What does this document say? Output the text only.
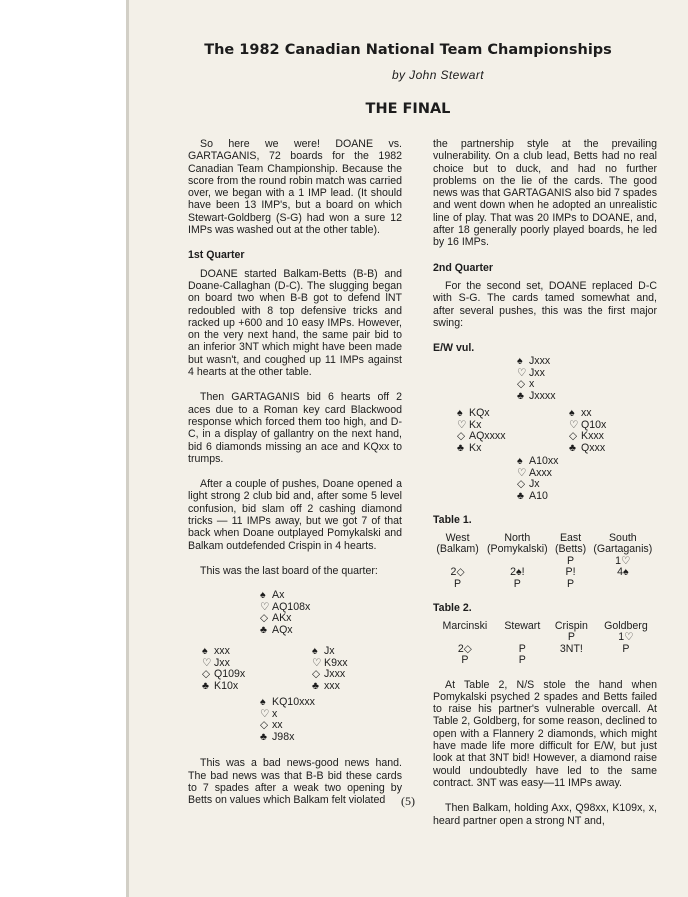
The 1982 Canadian National Team Championships
by John Stewart
THE FINAL

So here we were! DOANE vs. GARTAGANIS, 72 boards for the 1982 Canadian Team Championship. Because the score from the round robin match was carried over, we began with a 1 IMP lead. (It should have been 13 IMP's, but a board on which Stewart-Goldberg (S-G) had won a sure 12 IMPs was washed out at the other table).

1st Quarter

DOANE started Balkam-Betts (B-B) and Doane-Callaghan (D-C). The slugging began on board two when B-B got to defend lNT redoubled with 8 top defensive tricks and racked up +600 and 10 easy IMPs. However, on the very next hand, the same pair bid to an inferior 3NT which might have been made but wasn't, and coughed up 11 IMPs against 4 hearts at the other table.

Then GARTAGANIS bid 6 hearts off 2 aces due to a Roman key card Blackwood response which forced them too high, and D-C, in a display of gallantry on the next hand, bid 6 diamonds missing an ace and KQxx to trumps.

After a couple of pushes, Doane opened a light strong 2 club bid and, after some 5 level confusion, bid slam off 2 cashing diamond tricks — 11 IMPs away, but we got 7 of that back when Doane outplayed Pomykalski and Balkam outdefended Crispin in 4 hearts.

This was the last board of the quarter:

♠ Ax
♡ AQ108x
◇ AKx
♣ AQx
♠ xxx
♡ Jxx
◇ Q109x
♣ K10x
♠ Jx
♡ K9xx
◇ Jxxx
♣ xxx
♠ KQ10xxx
♡ x
◇ xx
♣ J98x

This was a bad news-good news hand. The bad news was that B-B bid these cards to 7 spades after a weak two opening by Betts on values which Balkam felt violated

the partnership style at the prevailing vulnerability. On a club lead, Betts had no real choice but to duck, and had no further problems on the lie of the cards. The good news was that GARTAGANIS also bid 7 spades and went down when he adopted an unrealistic line of play. That was 20 IMPs to DOANE, and, after 18 generally poorly played boards, he led by 16 IMPs.

2nd Quarter

For the second set, DOANE replaced D-C with S-G. The cards tamed somewhat and, after several pushes, this was the first major swing:

E/W vul.
♠ Jxxx
♡ Jxx
◇ x
♣ Jxxxx
♠ KQx
♡ Kx
◇ AQxxxx
♣ Kx
♠ xx
♡ Q10x
◇ Kxxx
♣ Qxxx
♠ A10xx
♡ Axxx
◇ Jx
♣ A10
Table 1.
West	North	East	South
(Balkam)	(Pomykalski)	(Betts)	(Gartaganis)
		P	1♡
2◇	2♠!	P!	4♠
P	P	P	
Table 2.
Marcinski	Stewart	Crispin	Goldberg
		P	1♡
2◇	P	3NT!	P
P	P		

At Table 2, N/S stole the hand when Pomykalski psyched 2 spades and Betts failed to raise his partner's vulnerable overcall. At Table 2, Goldberg, for some reason, declined to open with a Flannery 2 diamonds, which might have made life more difficult for E/W, but just look at that 3NT bid! However, a diamond raise would undoubtedly have led to the same contract. 3NT was easy—11 IMPs away.

Then Balkam, holding Axx, Q98xx, K109x, x, heard partner open a strong NT and,

(5)
